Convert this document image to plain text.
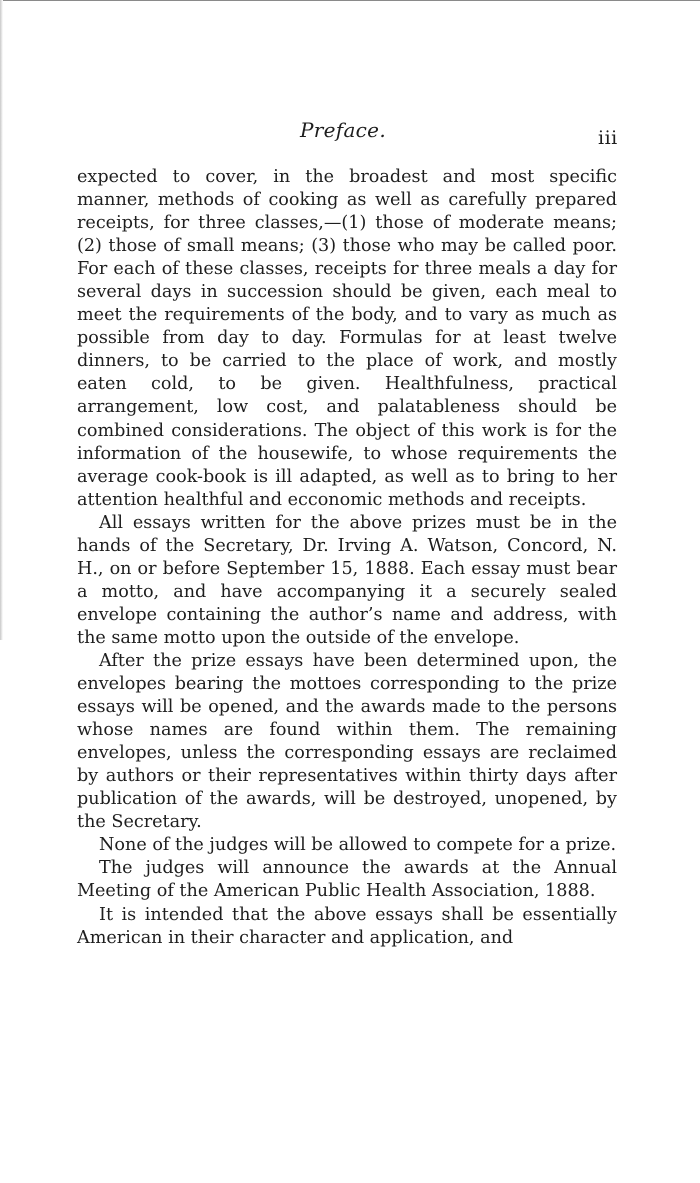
Preface.	iii

expected to cover, in the broadest and most specific manner, methods of cooking as well as carefully prepared receipts, for three classes,—(1) those of moderate means; (2) those of small means; (3) those who may be called poor. For each of these classes, receipts for three meals a day for several days in succession should be given, each meal to meet the requirements of the body, and to vary as much as possible from day to day. Formulas for at least twelve dinners, to be carried to the place of work, and mostly eaten cold, to be given. Healthfulness, practical arrangement, low cost, and palatableness should be combined considerations. The object of this work is for the information of the housewife, to whose requirements the average cook-book is ill adapted, as well as to bring to her attention healthful and ecconomic methods and receipts.

All essays written for the above prizes must be in the hands of the Secretary, Dr. Irving A. Watson, Concord, N. H., on or before September 15, 1888. Each essay must bear a motto, and have accompanying it a securely sealed envelope containing the author’s name and address, with the same motto upon the outside of the envelope.

After the prize essays have been determined upon, the envelopes bearing the mottoes corresponding to the prize essays will be opened, and the awards made to the persons whose names are found within them. The remaining envelopes, unless the corresponding essays are reclaimed by authors or their representatives within thirty days after publication of the awards, will be destroyed, unopened, by the Secretary.

None of the judges will be allowed to compete for a prize.

The judges will announce the awards at the Annual Meeting of the American Public Health Association, 1888.

It is intended that the above essays shall be essentially American in their character and application, and
